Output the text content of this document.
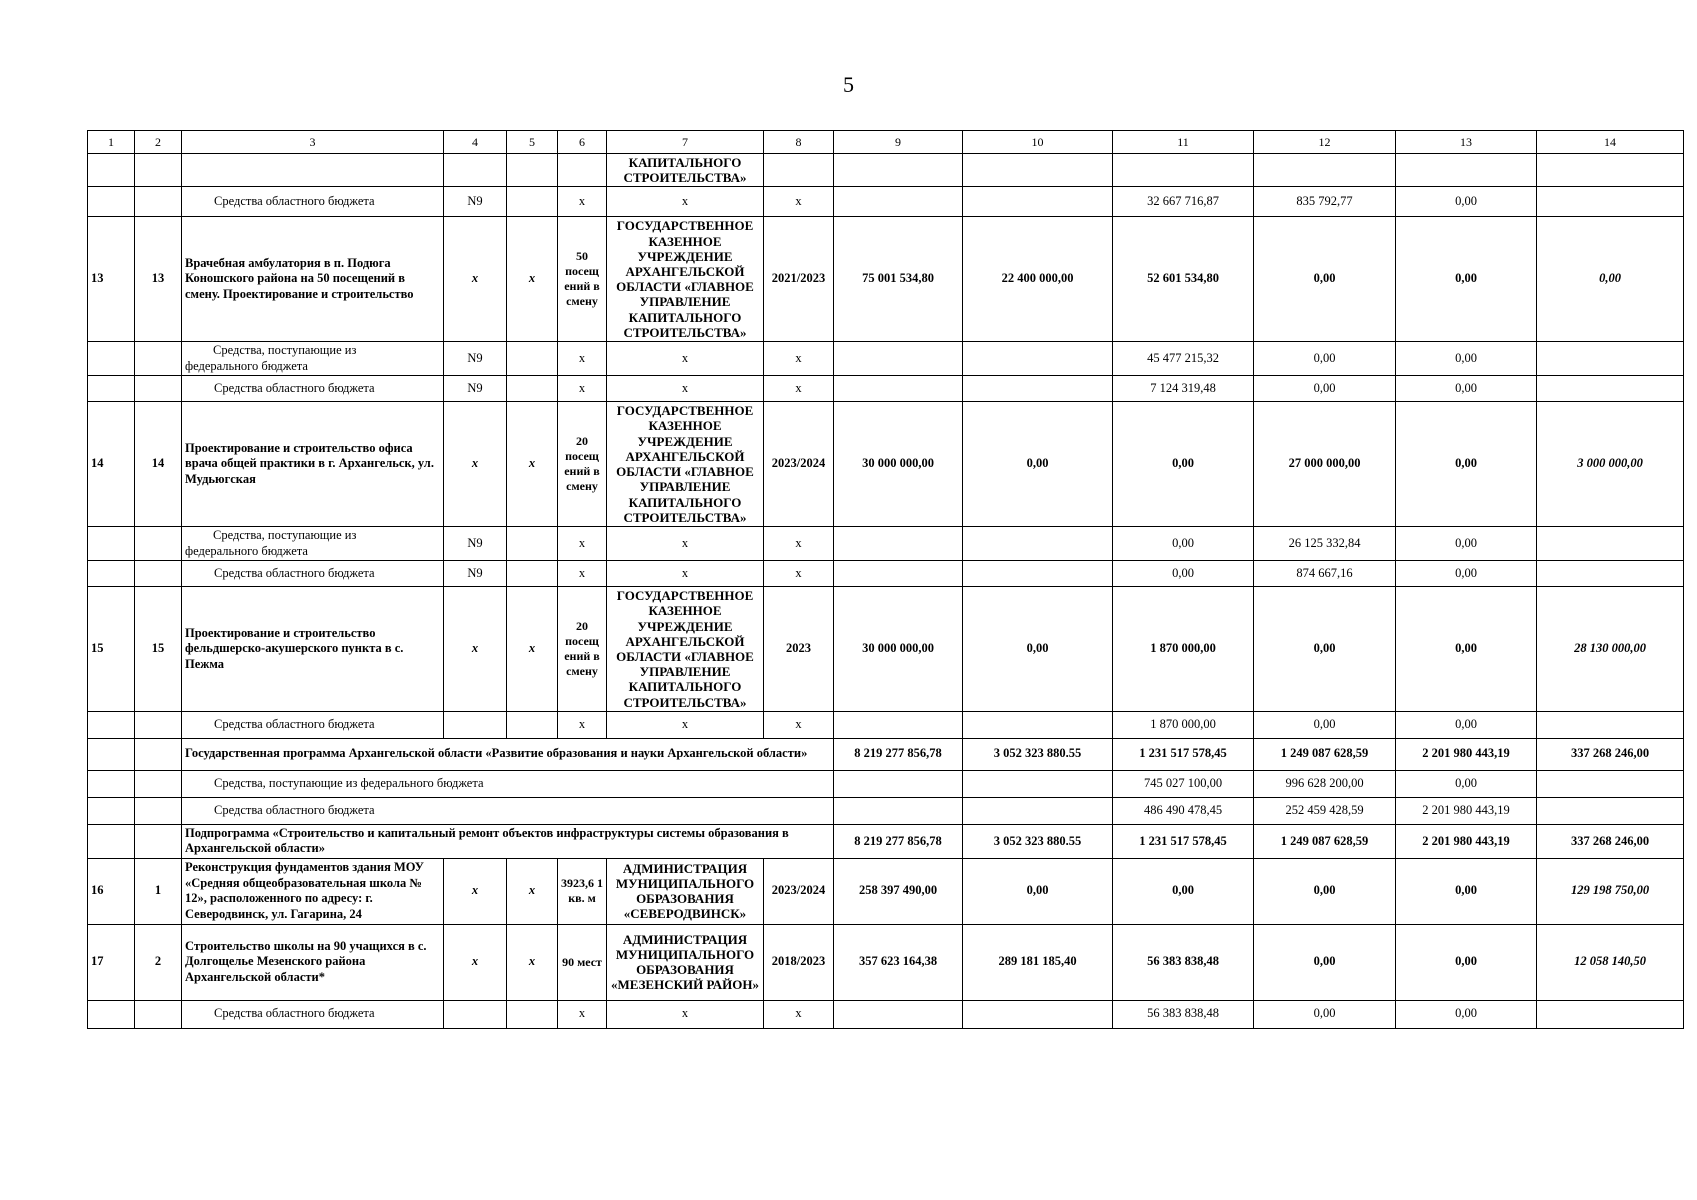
5
1	2	3	4	5	6	7	8	9	10	11	12	13	14
						КАПИТАЛЬНОГО СТРОИТЕЛЬСТВА»							
		Средства областного бюджета	N9		x	x	x			32 667 716,87	835 792,77	0,00	
13	13	Врачебная амбулатория в п. Подюга Коношского района на 50 посещений в смену. Проектирование и строительство	x	x	50 посещ ений в смену	ГОСУДАРСТВЕННОЕ КАЗЕННОЕ УЧРЕЖДЕНИЕ АРХАНГЕЛЬСКОЙ ОБЛАСТИ «ГЛАВНОЕ УПРАВЛЕНИЕ КАПИТАЛЬНОГО СТРОИТЕЛЬСТВА»	2021/2023	75 001 534,80	22 400 000,00	52 601 534,80	0,00	0,00	0,00
		Средства, поступающие из
федерального бюджета	N9		x	x	x			45 477 215,32	0,00	0,00	
		Средства областного бюджета	N9		x	x	x			7 124 319,48	0,00	0,00	
14	14	Проектирование и строительство офиса врача общей практики в г. Архангельск, ул. Мудьюгская	x	x	20 посещ ений в смену	ГОСУДАРСТВЕННОЕ КАЗЕННОЕ УЧРЕЖДЕНИЕ АРХАНГЕЛЬСКОЙ ОБЛАСТИ «ГЛАВНОЕ УПРАВЛЕНИЕ КАПИТАЛЬНОГО СТРОИТЕЛЬСТВА»	2023/2024	30 000 000,00	0,00	0,00	27 000 000,00	0,00	3 000 000,00
		Средства, поступающие из
федерального бюджета	N9		x	x	x			0,00	26 125 332,84	0,00	
		Средства областного бюджета	N9		x	x	x			0,00	874 667,16	0,00	
15	15	Проектирование и строительство фельдшерско-акушерского пункта в с. Пежма	x	x	20 посещ ений в смену	ГОСУДАРСТВЕННОЕ КАЗЕННОЕ УЧРЕЖДЕНИЕ АРХАНГЕЛЬСКОЙ ОБЛАСТИ «ГЛАВНОЕ УПРАВЛЕНИЕ КАПИТАЛЬНОГО СТРОИТЕЛЬСТВА»	2023	30 000 000,00	0,00	1 870 000,00	0,00	0,00	28 130 000,00
		Средства областного бюджета			x	x	x			1 870 000,00	0,00	0,00	
		Государственная программа Архангельской области «Развитие образования и науки Архангельской области»						8 219 277 856,78	3 052 323 880.55	1 231 517 578,45	1 249 087 628,59	2 201 980 443,19	337 268 246,00
		Средства, поступающие из федерального бюджета								745 027 100,00	996 628 200,00	0,00	
		Средства областного бюджета								486 490 478,45	252 459 428,59	2 201 980 443,19	
		Подпрограмма «Строительство и капитальный ремонт объектов инфраструктуры системы образования в Архангельской области»						8 219 277 856,78	3 052 323 880.55	1 231 517 578,45	1 249 087 628,59	2 201 980 443,19	337 268 246,00
16	1	Реконструкция фундаментов здания МОУ «Средняя общеобразовательная школа № 12», расположенного по адресу: г. Северодвинск, ул. Гагарина, 24	x	x	3923,6 1 кв. м	АДМИНИСТРАЦИЯ МУНИЦИПАЛЬНОГО ОБРАЗОВАНИЯ «СЕВЕРОДВИНСК»	2023/2024	258 397 490,00	0,00	0,00	0,00	0,00	129 198 750,00
17	2	Строительство школы на 90 учащихся в с. Долгощелье Мезенского района Архангельской области*	x	x	90 мест	АДМИНИСТРАЦИЯ МУНИЦИПАЛЬНОГО ОБРАЗОВАНИЯ «МЕЗЕНСКИЙ РАЙОН»	2018/2023	357 623 164,38	289 181 185,40	56 383 838,48	0,00	0,00	12 058 140,50
		Средства областного бюджета			x	x	x			56 383 838,48	0,00	0,00	
